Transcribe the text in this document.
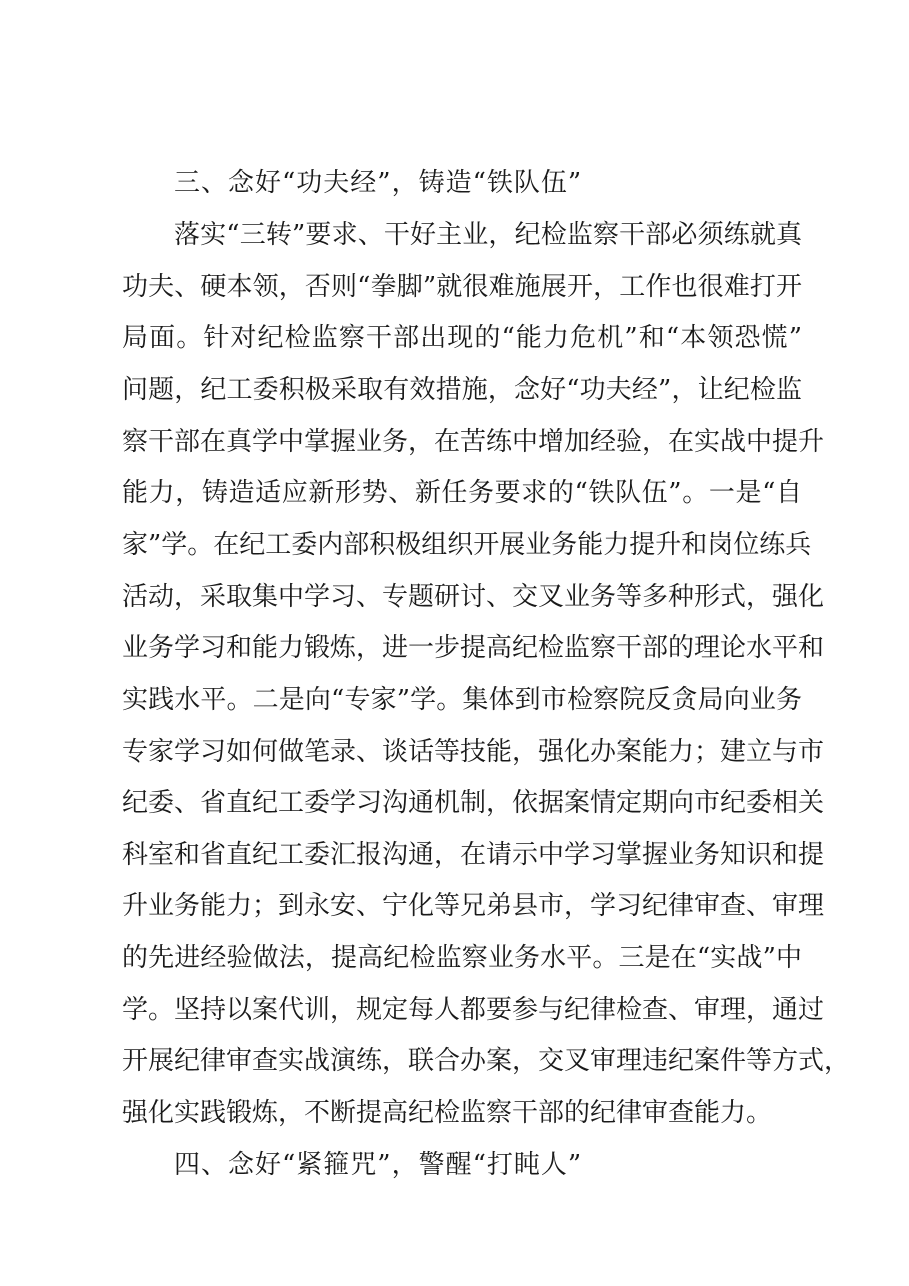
三、念好“功夫经”，铸造“铁队伍”
落实“三转”要求、干好主业，纪检监察干部必须练就真
功夫、硬本领，否则“拳脚”就很难施展开，工作也很难打开
局面。针对纪检监察干部出现的“能力危机”和“本领恐慌”
问题，纪工委积极采取有效措施，念好“功夫经”，让纪检监
察干部在真学中掌握业务，在苦练中增加经验，在实战中提升
能力，铸造适应新形势、新任务要求的“铁队伍”。一是“自
家”学。在纪工委内部积极组织开展业务能力提升和岗位练兵
活动，采取集中学习、专题研讨、交叉业务等多种形式，强化
业务学习和能力锻炼，进一步提高纪检监察干部的理论水平和
实践水平。二是向“专家”学。集体到市检察院反贪局向业务
专家学习如何做笔录、谈话等技能，强化办案能力；建立与市
纪委、省直纪工委学习沟通机制，依据案情定期向市纪委相关
科室和省直纪工委汇报沟通，在请示中学习掌握业务知识和提
升业务能力；到永安、宁化等兄弟县市，学习纪律审查、审理
的先进经验做法，提高纪检监察业务水平。三是在“实战”中
学。坚持以案代训，规定每人都要参与纪律检查、审理，通过
开展纪律审查实战演练，联合办案，交叉审理违纪案件等方式，
强化实践锻炼，不断提高纪检监察干部的纪律审查能力。
四、念好“紧箍咒”，警醒“打盹人”
